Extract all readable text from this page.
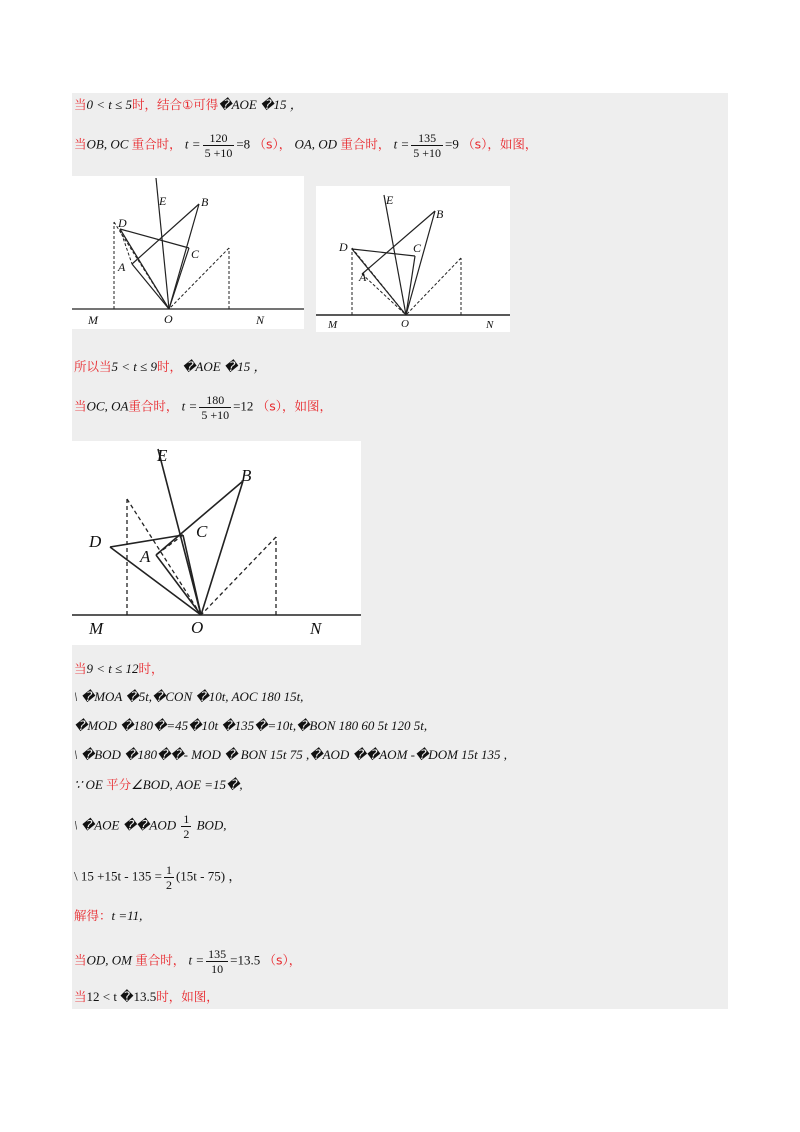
当0 < t ≤ 5时，结合①可得�AOE �15 ，
当OB, OC 重合时， $t = \frac{120}{5 +10} =8$ （s）， OA, OD 重合时， $t = \frac{135}{5 +10} =9$ （s），如图，
E	B
D
C
A
M	O	N
E
B
D	C
A
M	O	N
所以当5 < t ≤ 9时，�AOE �15 ，
当OC, OA重合时， $t = \frac{180}{5 +10} =12$ （s），如图，
E
B
C
D
A
M	O	N
当9 < t ≤ 12时，
\ �MOA �5t,�CON �10t, AOC 180 15t,
�MOD �180�=45�10t �135�=10t,�BON 180 60 5t 120 5t,
\ �BOD �180��- MOD � BON 15t 75 ,�AOD ��AOM -�DOM 15t 135 ,
∵ OE 平分∠BOD, AOE =15�,
\ �AOE ��AOD $\frac{1}{2}$ BOD,
\ $15 +15t - 135 = \frac{1}{2} (15t - 75)$ ，
解得：t =11,
当OD, OM 重合时， $t = \frac{135}{10} =13.5$ （s），
当12 < t �13.5时，如图，
